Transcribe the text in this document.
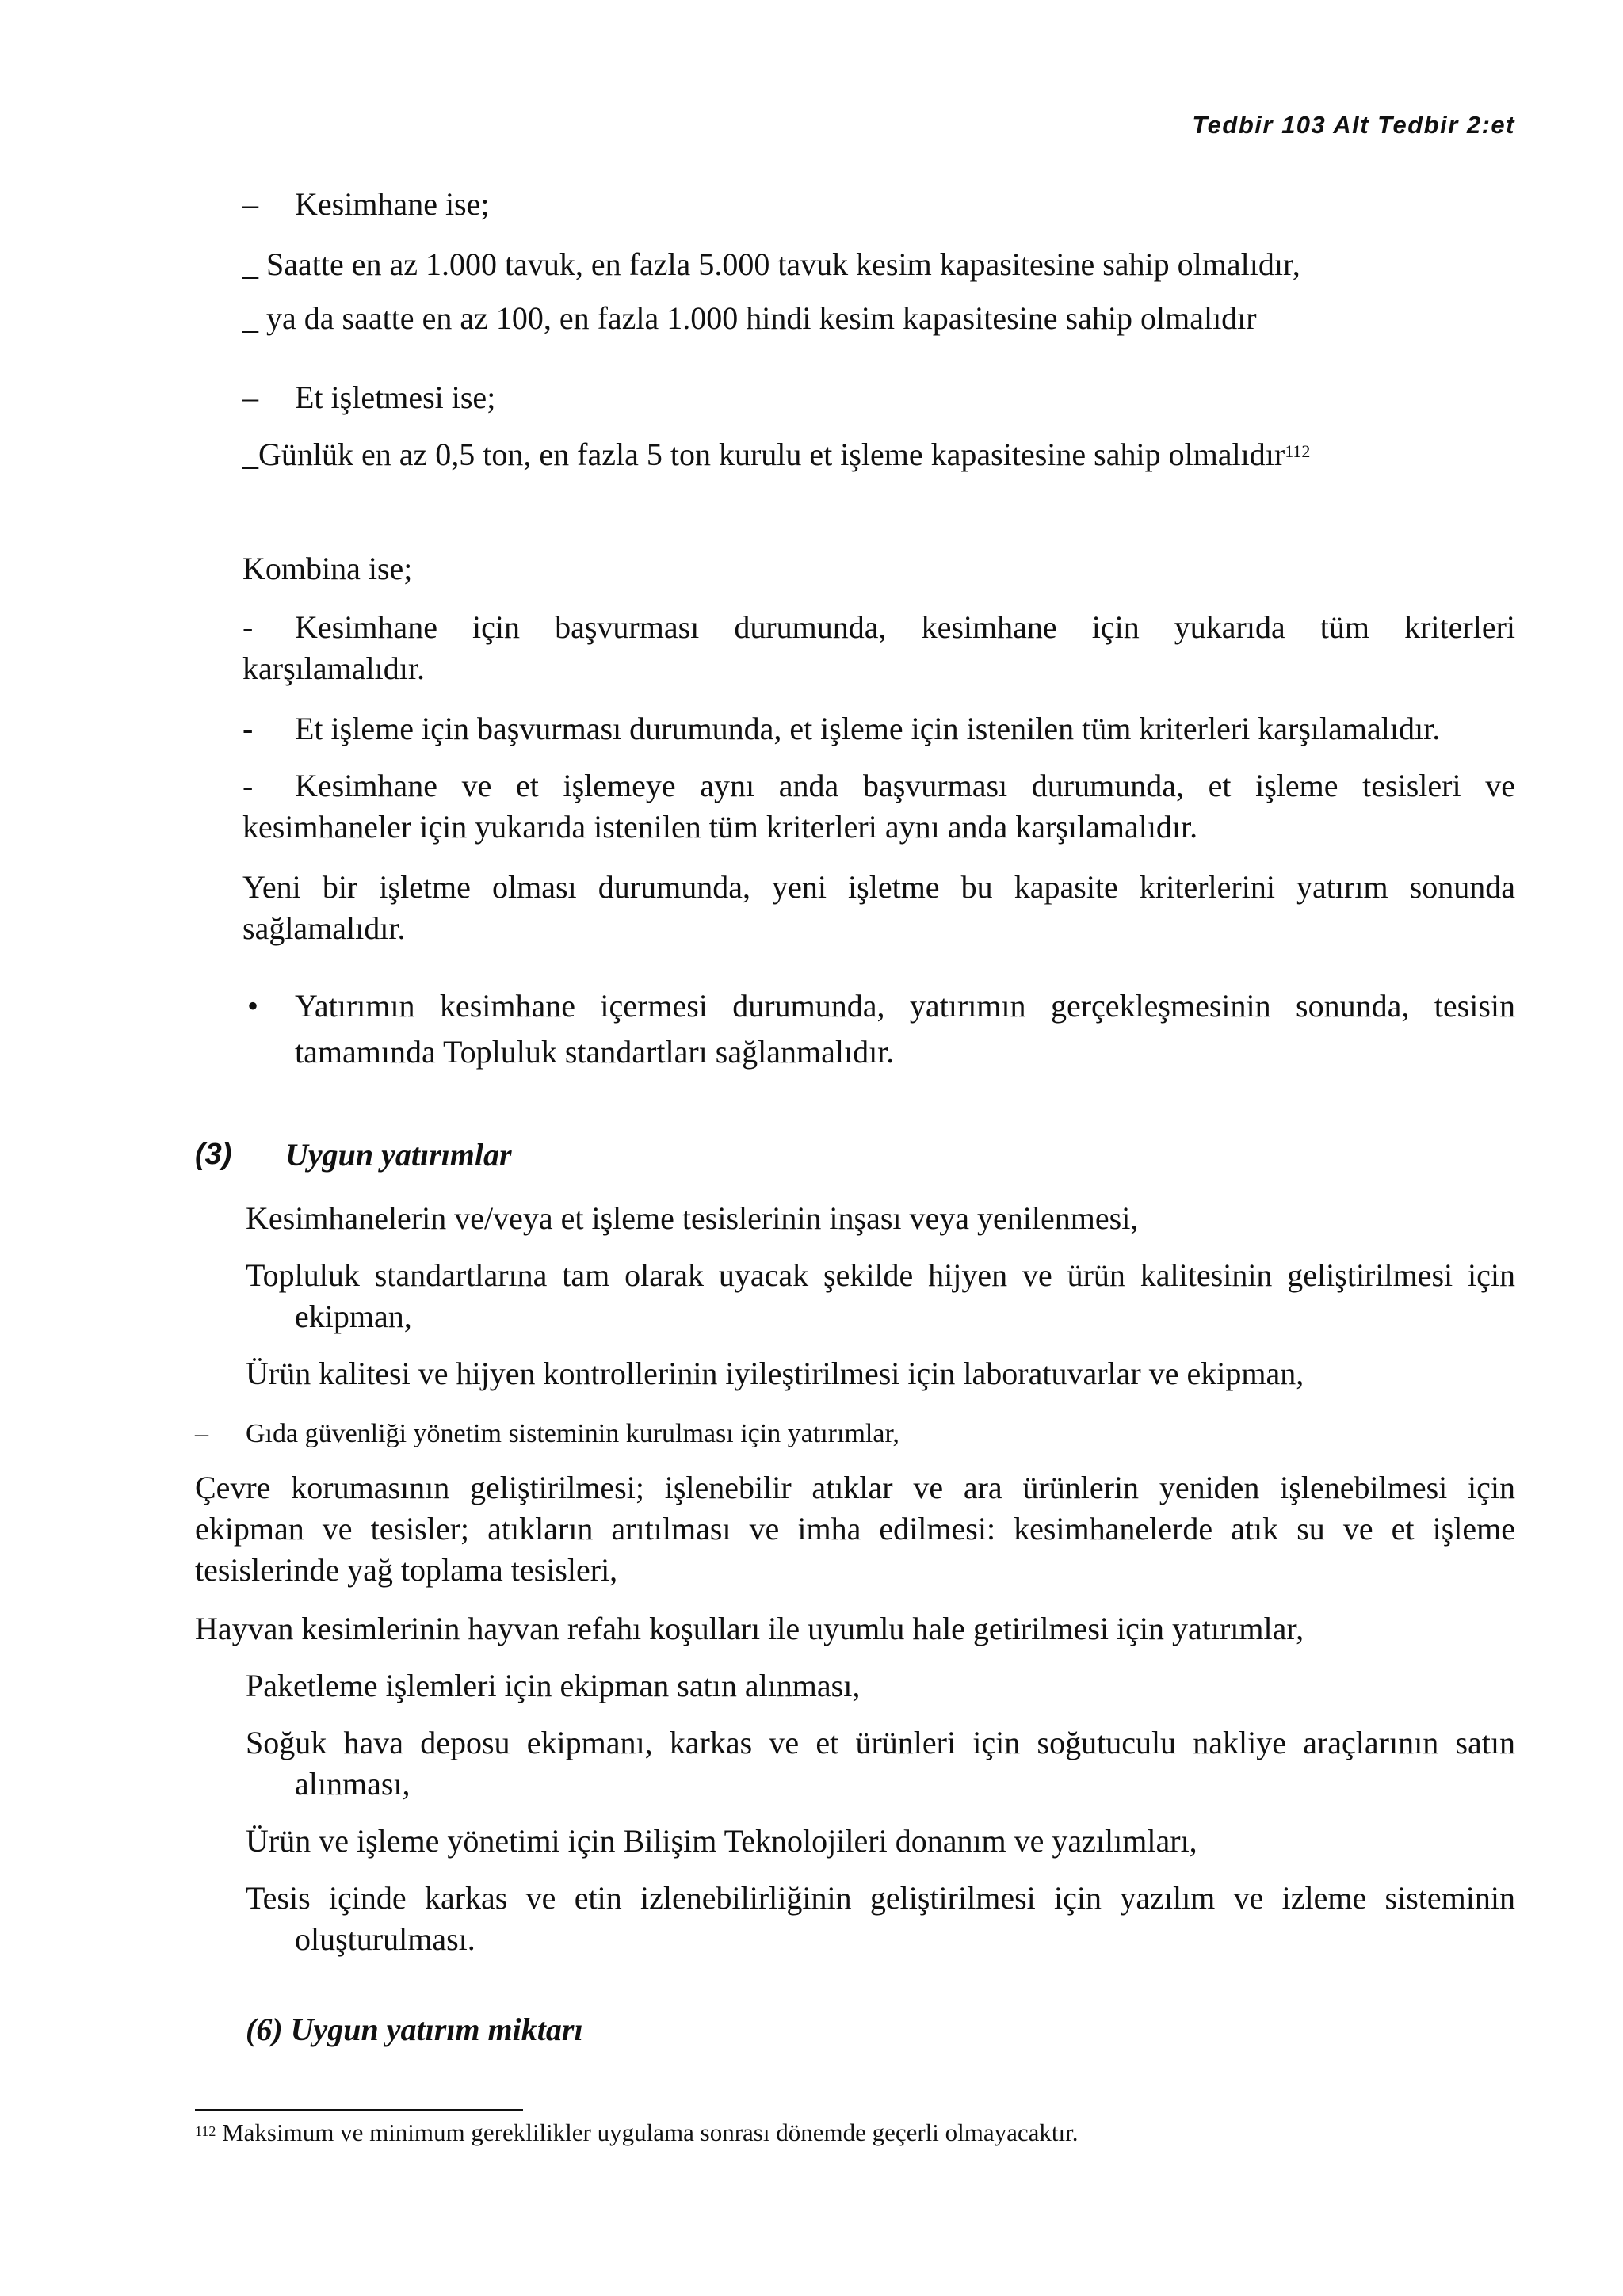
Tedbir 103 Alt Tedbir 2:et
– Kesimhane ise;
_ Saatte en az 1.000 tavuk, en fazla 5.000 tavuk kesim kapasitesine sahip olmalıdır,
_ ya da saatte en az 100, en fazla 1.000 hindi kesim kapasitesine sahip olmalıdır
– Et işletmesi ise;
_Günlük en az 0,5 ton, en fazla 5 ton kurulu et işleme kapasitesine sahip olmalıdır$^{112}$
Kombina ise;
- Kesimhane için başvurması durumunda, kesimhane için yukarıda tüm kriterleri
karşılamalıdır.
- Et işleme için başvurması durumunda, et işleme için istenilen tüm kriterleri karşılamalıdır.
- Kesimhane ve et işlemeye aynı anda başvurması durumunda, et işleme tesisleri ve
kesimhaneler için yukarıda istenilen tüm kriterleri aynı anda karşılamalıdır.
Yeni bir işletme olması durumunda, yeni işletme bu kapasite kriterlerini yatırım sonunda
sağlamalıdır.
• Yatırımın kesimhane içermesi durumunda, yatırımın gerçekleşmesinin sonunda, tesisin
tamamında Topluluk standartları sağlanmalıdır.
(3) Uygun yatırımlar
Kesimhanelerin ve/veya et işleme tesislerinin inşası veya yenilenmesi,
Topluluk standartlarına tam olarak uyacak şekilde hijyen ve ürün kalitesinin geliştirilmesi için
ekipman,
Ürün kalitesi ve hijyen kontrollerinin iyileştirilmesi için laboratuvarlar ve ekipman,
– Gıda güvenliği yönetim sisteminin kurulması için yatırımlar,
Çevre korumasının geliştirilmesi; işlenebilir atıklar ve ara ürünlerin yeniden işlenebilmesi için
ekipman ve tesisler; atıkların arıtılması ve imha edilmesi: kesimhanelerde atık su ve et işleme
tesislerinde yağ toplama tesisleri,
Hayvan kesimlerinin hayvan refahı koşulları ile uyumlu hale getirilmesi için yatırımlar,
Paketleme işlemleri için ekipman satın alınması,
Soğuk hava deposu ekipmanı, karkas ve et ürünleri için soğutuculu nakliye araçlarının satın
alınması,
Ürün ve işleme yönetimi için Bilişim Teknolojileri donanım ve yazılımları,
Tesis içinde karkas ve etin izlenebilirliğinin geliştirilmesi için yazılım ve izleme sisteminin
oluşturulması.
(6) Uygun yatırım miktarı
$^{112}$ Maksimum ve minimum gereklilikler uygulama sonrası dönemde geçerli olmayacaktır.
